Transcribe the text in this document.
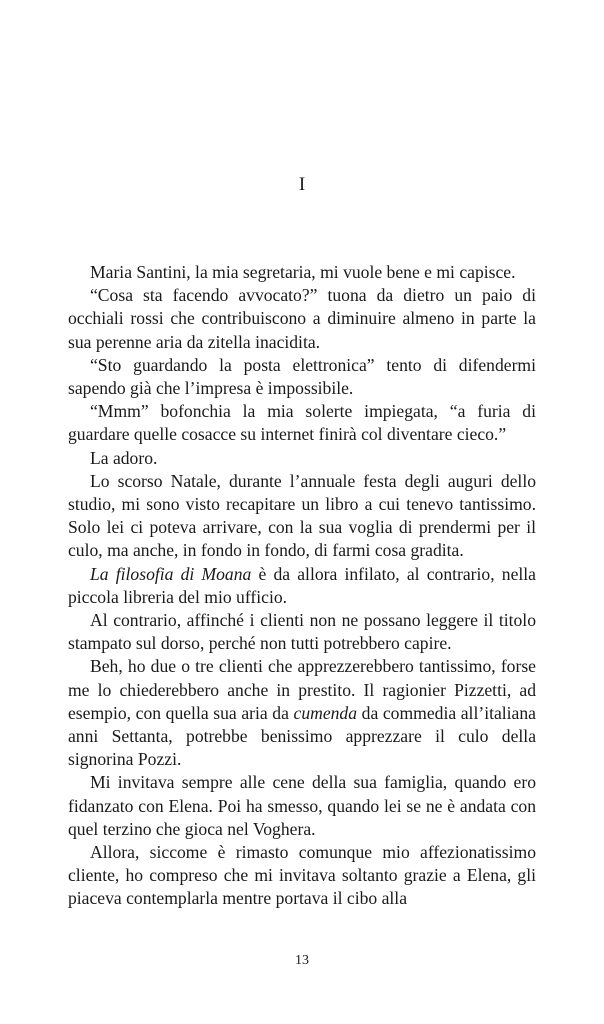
I

Maria Santini, la mia segretaria, mi vuole bene e mi capisce.

“Cosa sta facendo avvocato?” tuona da dietro un paio di occhiali rossi che contribuiscono a diminuire almeno in parte la sua perenne aria da zitella inacidita.

“Sto guardando la posta elettronica” tento di difendermi sapendo già che l’impresa è impossibile.

“Mmm” bofonchia la mia solerte impiegata, “a furia di guardare quelle cosacce su internet finirà col diventare cieco.”

La adoro.

Lo scorso Natale, durante l’annuale festa degli auguri dello studio, mi sono visto recapitare un libro a cui tenevo tantissimo. Solo lei ci poteva arrivare, con la sua voglia di prendermi per il culo, ma anche, in fondo in fondo, di farmi cosa gradita.

La filosofia di Moana è da allora infilato, al contrario, nella piccola libreria del mio ufficio.

Al contrario, affinché i clienti non ne possano leggere il titolo stampato sul dorso, perché non tutti potrebbero capire.

Beh, ho due o tre clienti che apprezzerebbero tantissimo, forse me lo chiederebbero anche in prestito. Il ragionier Pizzetti, ad esempio, con quella sua aria da cumenda da commedia all’italiana anni Settanta, potrebbe benissimo apprezzare il culo della signorina Pozzi.

Mi invitava sempre alle cene della sua famiglia, quando ero fidanzato con Elena. Poi ha smesso, quando lei se ne è andata con quel terzino che gioca nel Voghera.

Allora, siccome è rimasto comunque mio affezionatissimo cliente, ho compreso che mi invitava soltanto grazie a Elena, gli piaceva contemplarla mentre portava il cibo alla

13
